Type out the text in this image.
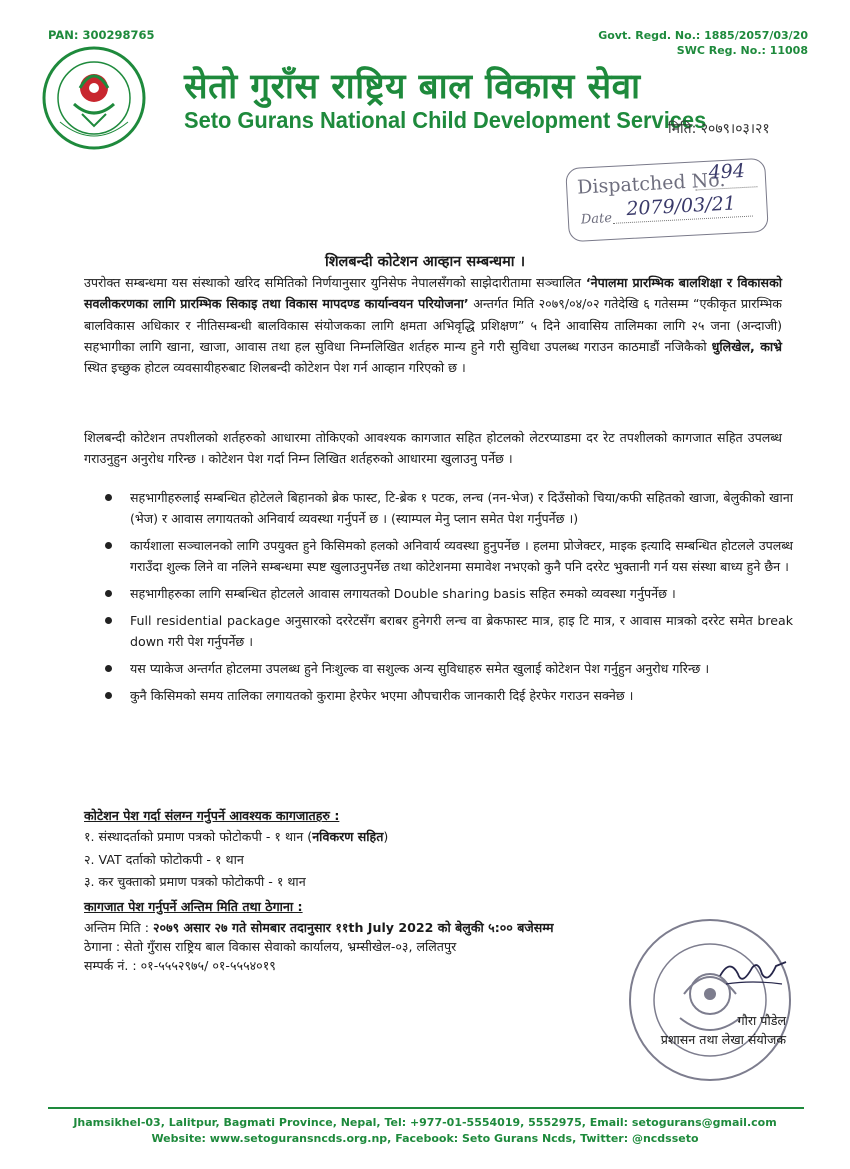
PAN: 300298765	Govt. Regd. No.: 1885/2057/03/20
SWC Reg. No.: 11008
सेतो गुराँस राष्ट्रिय बाल विकास सेवा
Seto Gurans National Child Development Services
मिति: २०७९।०३।२१
Dispatched No.
494
Date 2079/03/21
शिलबन्दी कोटेशन आव्हान सम्बन्धमा ।
उपरोक्त सम्बन्धमा यस संस्थाको खरिद समितिको निर्णयानुसार युनिसेफ नेपालसँगको साझेदारीतामा सञ्चालित ‘नेपालमा प्रारम्भिक बालशिक्षा र विकासको सवलीकरणका लागि प्रारम्भिक सिकाइ तथा विकास मापदण्ड कार्यान्वयन परियोजना’ अन्तर्गत मिति २०७९/०४/०२ गतेदेखि ६ गतेसम्म “एकीकृत प्रारम्भिक बालविकास अधिकार र नीतिसम्बन्धी बालविकास संयोजकका लागि क्षमता अभिवृद्धि प्रशिक्षण” ५ दिने आवासिय तालिमका लागि २५ जना (अन्दाजी) सहभागीका लागि खाना, खाजा, आवास तथा हल सुविधा निम्नलिखित शर्तहरु मान्य हुने गरी सुविधा उपलब्ध गराउन काठमाडौं नजिकैको धुलिखेल, काभ्रे स्थित इच्छुक होटल व्यवसायीहरुबाट शिलबन्दी कोटेशन पेश गर्न आव्हान गरिएको छ ।
शिलबन्दी कोटेशन तपशीलको शर्तहरुको आधारमा तोकिएको आवश्यक कागजात सहित होटलको लेटरप्याडमा दर रेट तपशीलको कागजात सहित उपलब्ध गराउनुहुन अनुरोध गरिन्छ । कोटेशन पेश गर्दा निम्न लिखित शर्तहरुको आधारमा खुलाउनु पर्नेछ ।
सहभागीहरुलाई सम्बन्धित होटेलले बिहानको ब्रेक फास्ट, टि-ब्रेक १ पटक, लन्च (नन-भेज) र दिउँसोको चिया/कफी सहितको खाजा, बेलुकीको खाना (भेज) र आवास लगायतको अनिवार्य व्यवस्था गर्नुपर्ने छ । (स्याम्पल मेनु प्लान समेत पेश गर्नुपर्नेछ ।)
कार्यशाला सञ्चालनको लागि उपयुक्त हुने किसिमको हलको अनिवार्य व्यवस्था हुनुपर्नेछ । हलमा प्रोजेक्टर, माइक इत्यादि सम्बन्धित होटलले उपलब्ध गराउँदा शुल्क लिने वा नलिने सम्बन्धमा स्पष्ट खुलाउनुपर्नेछ तथा कोटेशनमा समावेश नभएको कुनै पनि दररेट भुक्तानी गर्न यस संस्था बाध्य हुने छैन ।
सहभागीहरुका लागि सम्बन्धित होटलले आवास लगायतको Double sharing basis सहित रुमको व्यवस्था गर्नुपर्नेछ ।
Full residential package अनुसारको दररेटसँग बराबर हुनेगरी लन्च वा ब्रेकफास्ट मात्र, हाइ टि मात्र, र आवास मात्रको दररेट समेत break down गरी पेश गर्नुपर्नेछ ।
यस प्याकेज अन्तर्गत होटलमा उपलब्ध हुने निःशुल्क वा सशुल्क अन्य सुविधाहरु समेत खुलाई कोटेशन पेश गर्नुहुन अनुरोध गरिन्छ ।
कुनै किसिमको समय तालिका लगायतको कुरामा हेरफेर भएमा औपचारीक जानकारी दिई हेरफेर गराउन सक्नेछ ।
कोटेशन पेश गर्दा संलग्न गर्नुपर्ने आवश्यक कागजातहरु :
१. संस्थादर्ताको प्रमाण पत्रको फोटोकपी - १ थान (नविकरण सहित)
२. VAT दर्ताको फोटोकपी - १ थान
३. कर चुक्ताको प्रमाण पत्रको फोटोकपी - १ थान
कागजात पेश गर्नुपर्ने अन्तिम मिति तथा ठेगाना :
अन्तिम मिति : २०७९ असार २७ गते सोमबार तदानुसार ११th July 2022 को बेलुकी ५:०० बजेसम्म
ठेगाना : सेतो गुँरास राष्ट्रिय बाल विकास सेवाको कार्यालय, भ्रम्सीखेल-०३, ललितपुर
सम्पर्क नं. : ०१-५५५२९७५/ ०१-५५५४०१९
गौरा पौडेल
प्रशासन तथा लेखा संयोजक
Jhamsikhel-03, Lalitpur, Bagmati Province, Nepal, Tel: +977-01-5554019, 5552975, Email: setogurans@gmail.com
Website: www.setoguransncds.org.np, Facebook: Seto Gurans Ncds, Twitter: @ncdsseto
